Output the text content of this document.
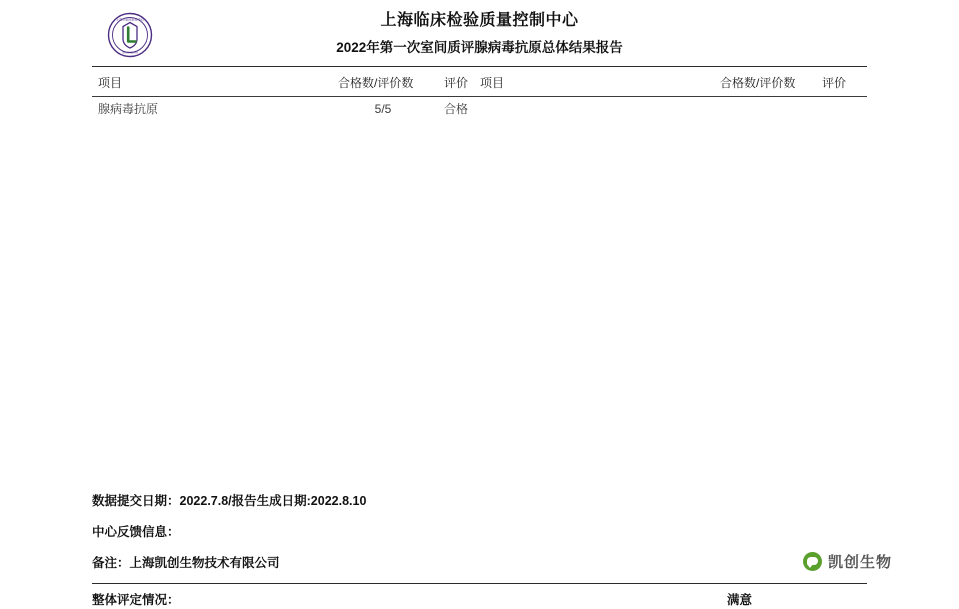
上海市临床检验中心
SHANGHAI
上海临床检验质量控制中心
2022年第一次室间质评腺病毒抗原总体结果报告
项目	合格数/评价数	评价 项目	合格数/评价数 评价
腺病毒抗原	5/5	合格
数据提交日期：2022.7.8/报告生成日期:2022.8.10
中心反馈信息：
备注：上海凯创生物技术有限公司
整体评定情况：	满意
凯创生物
